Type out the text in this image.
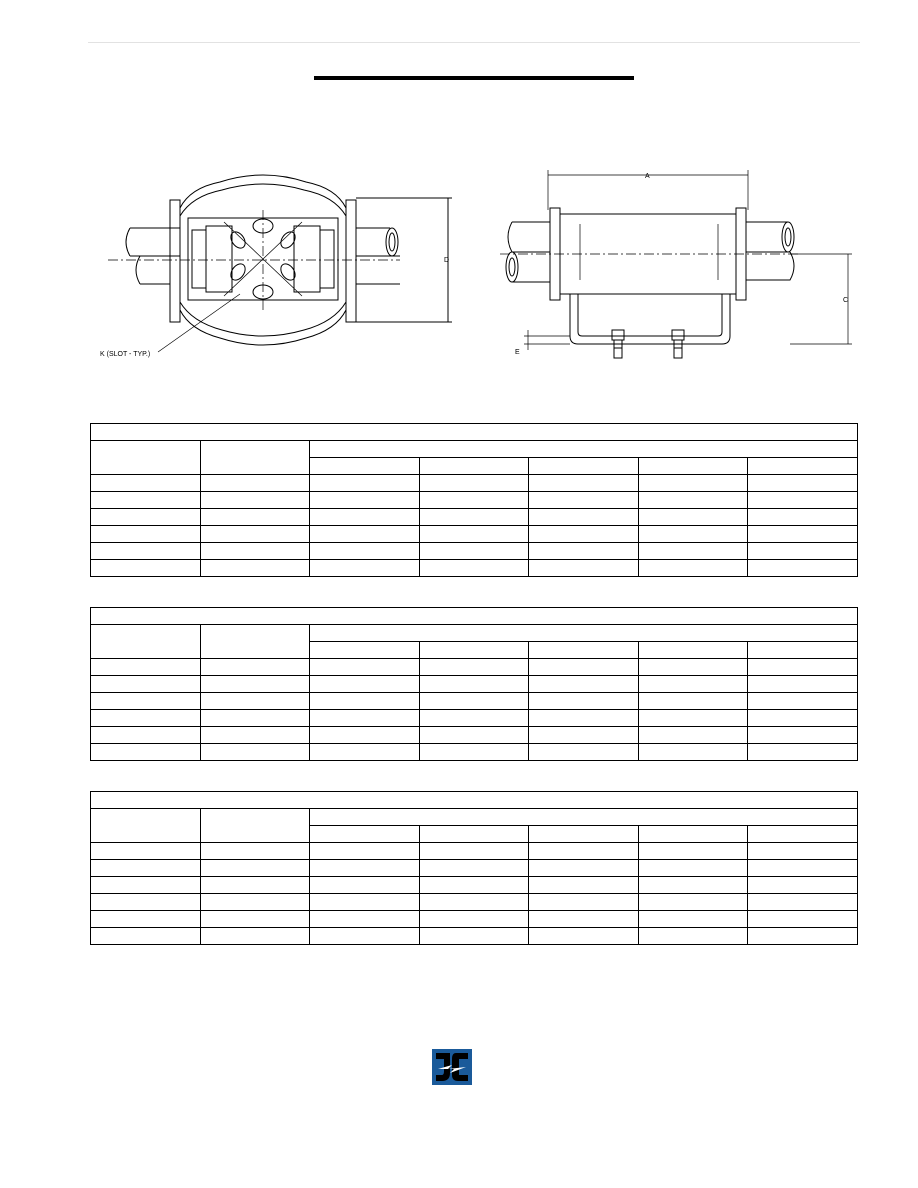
A
C
D
E
K (SLOT - TYP.)
